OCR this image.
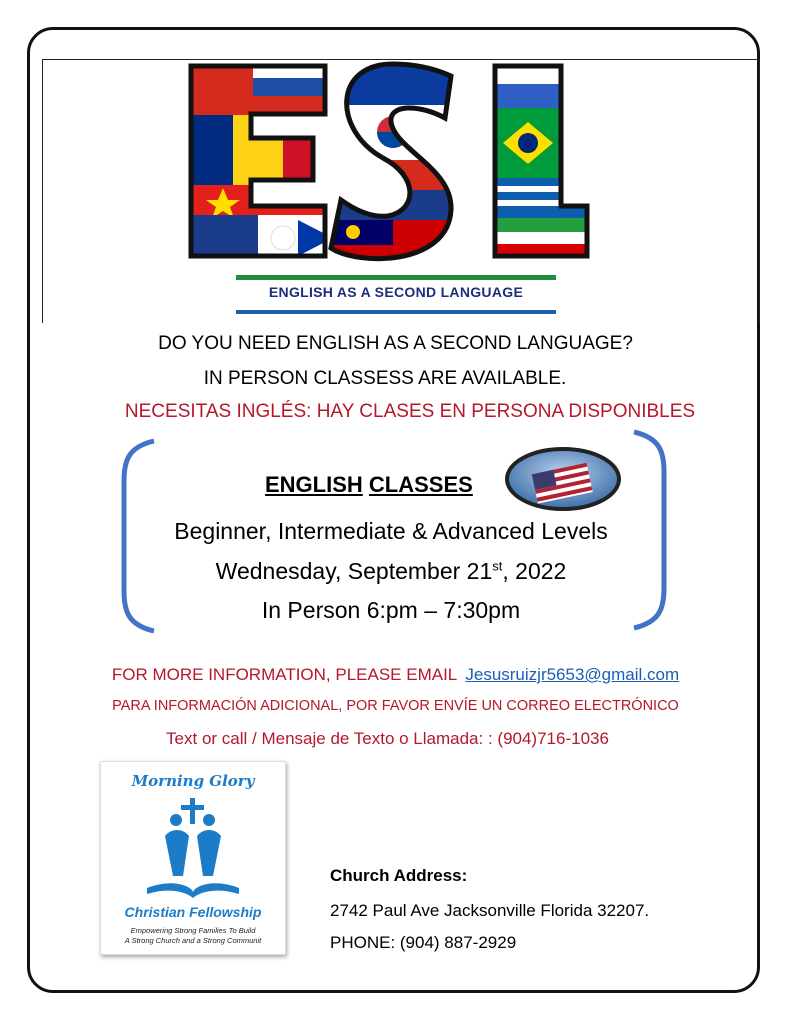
ENGLISH AS A SECOND LANGUAGE
DO YOU NEED ENGLISH AS A SECOND LANGUAGE?
IN PERSON CLASSESS ARE AVAILABLE.
NECESITAS INGLÉS: HAY CLASES EN PERSONA DISPONIBLES
ENGLISH CLASSES
Beginner, Intermediate & Advanced Levels
Wednesday, September 21st, 2022
In Person 6:pm – 7:30pm
FOR MORE INFORMATION, PLEASE EMAIL Jesusruizjr5653@gmail.com
PARA INFORMACIÓN ADICIONAL, POR FAVOR ENVÍE UN CORREO ELECTRÓNICO
Text or call / Mensaje de Texto o Llamada: : (904)716-1036
Morning Glory
Christian Fellowship
Empowering Strong Families To Build
A Strong Church and a Strong Communit
Church Address:
2742 Paul Ave Jacksonville Florida 32207.
PHONE: (904) 887-2929
